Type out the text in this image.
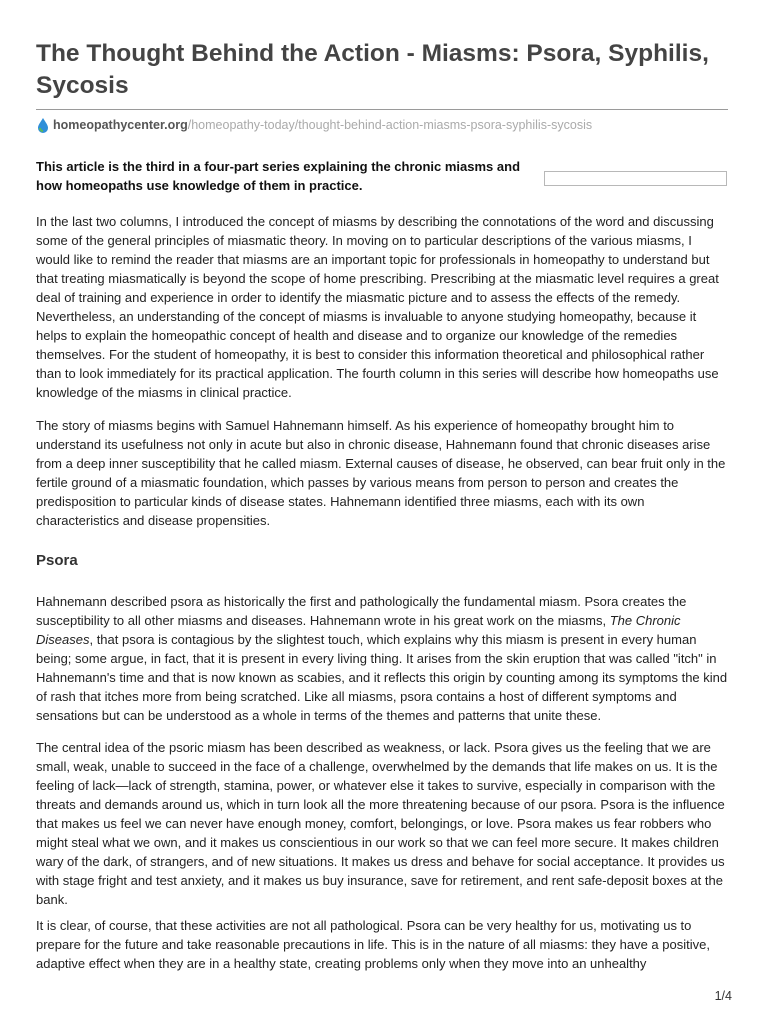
The Thought Behind the Action - Miasms: Psora, Syphilis, Sycosis
homeopathycenter.org /homeopathy-today/thought-behind-action-miasms-psora-syphilis-sycosis

This article is the third in a four-part series explaining the chronic miasms and how homeopaths use knowledge of them in practice.

In the last two columns, I introduced the concept of miasms by describing the connotations of the word and discussing some of the general principles of miasmatic theory. In moving on to particular descriptions of the various miasms, I would like to remind the reader that miasms are an important topic for professionals in homeopathy to understand but that treating miasmatically is beyond the scope of home prescribing. Prescribing at the miasmatic level requires a great deal of training and experience in order to identify the miasmatic picture and to assess the effects of the remedy. Nevertheless, an understanding of the concept of miasms is invaluable to anyone studying homeopathy, because it helps to explain the homeopathic concept of health and disease and to organize our knowledge of the remedies themselves. For the student of homeopathy, it is best to consider this information theoretical and philosophical rather than to look immediately for its practical application. The fourth column in this series will describe how homeopaths use knowledge of the miasms in clinical practice.

The story of miasms begins with Samuel Hahnemann himself. As his experience of homeopathy brought him to understand its usefulness not only in acute but also in chronic disease, Hahnemann found that chronic diseases arise from a deep inner susceptibility that he called miasm. External causes of disease, he observed, can bear fruit only in the fertile ground of a miasmatic foundation, which passes by various means from person to person and creates the predisposition to particular kinds of disease states. Hahnemann identified three miasms, each with its own characteristics and disease propensities.

Psora

Hahnemann described psora as historically the first and pathologically the fundamental miasm. Psora creates the susceptibility to all other miasms and diseases. Hahnemann wrote in his great work on the miasms, The Chronic Diseases, that psora is contagious by the slightest touch, which explains why this miasm is present in every human being; some argue, in fact, that it is present in every living thing. It arises from the skin eruption that was called "itch" in Hahnemann's time and that is now known as scabies, and it reflects this origin by counting among its symptoms the kind of rash that itches more from being scratched. Like all miasms, psora contains a host of different symptoms and sensations but can be understood as a whole in terms of the themes and patterns that unite these.

The central idea of the psoric miasm has been described as weakness, or lack. Psora gives us the feeling that we are small, weak, unable to succeed in the face of a challenge, overwhelmed by the demands that life makes on us. It is the feeling of lack—lack of strength, stamina, power, or whatever else it takes to survive, especially in comparison with the threats and demands around us, which in turn look all the more threatening because of our psora. Psora is the influence that makes us feel we can never have enough money, comfort, belongings, or love. Psora makes us fear robbers who might steal what we own, and it makes us conscientious in our work so that we can feel more secure. It makes children wary of the dark, of strangers, and of new situations. It makes us dress and behave for social acceptance. It provides us with stage fright and test anxiety, and it makes us buy insurance, save for retirement, and rent safe-deposit boxes at the bank.

It is clear, of course, that these activities are not all pathological. Psora can be very healthy for us, motivating us to prepare for the future and take reasonable precautions in life. This is in the nature of all miasms: they have a positive, adaptive effect when they are in a healthy state, creating problems only when they move into an unhealthy

1/4
